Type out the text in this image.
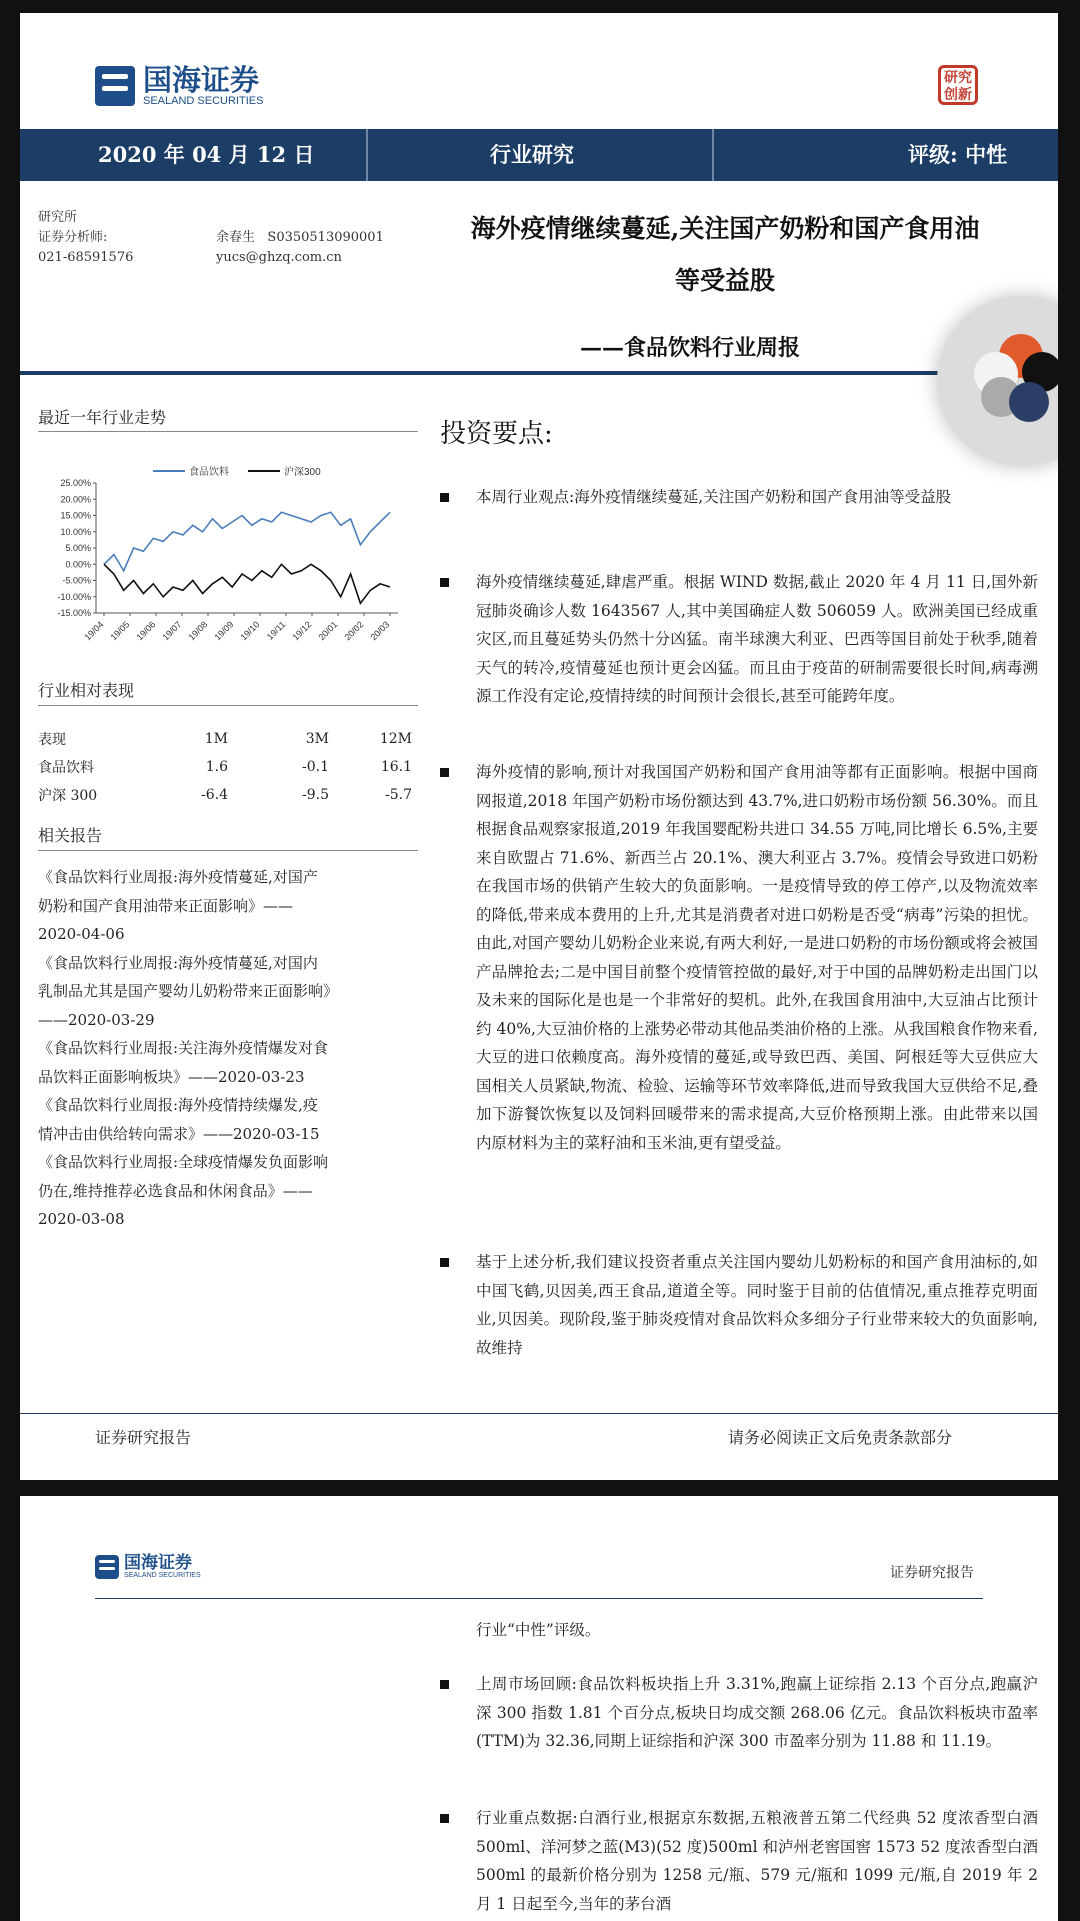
国海证券
SEALAND SECURITIES
研究创新
2020 年 04 月 12 日	行业研究	评级: 中性
研究所
证券分析师:
021-68591576
余春生 S0350513090001
yucs@ghzq.com.cn
海外疫情继续蔓延,关注国产奶粉和国产食用油
等受益股
——食品饮料行业周报
最近一年行业走势
食品饮料	沪深300
25.00%
20.00%
15.00%
10.00%
5.00%
0.00%
-5.00%
-10.00%
-15.00%
19/04 19/05 19/06 19/07 19/08 19/09 19/10 19/11 19/12 20/01 20/02 20/03
行业相对表现
表现	1M	3M	12M
食品饮料	1.6	-0.1	16.1
沪深 300	-6.4	-9.5	-5.7
相关报告
《食品饮料行业周报:海外疫情蔓延,对国产
奶粉和国产食用油带来正面影响》——
2020-04-06
《食品饮料行业周报:海外疫情蔓延,对国内
乳制品尤其是国产婴幼儿奶粉带来正面影响》
——2020-03-29
《食品饮料行业周报:关注海外疫情爆发对食
品饮料正面影响板块》——2020-03-23
《食品饮料行业周报:海外疫情持续爆发,疫
情冲击由供给转向需求》——2020-03-15
《食品饮料行业周报:全球疫情爆发负面影响
仍在,维持推荐必选食品和休闲食品》——
2020-03-08
投资要点:
本周行业观点:海外疫情继续蔓延,关注国产奶粉和国产食用油等受益股
海外疫情继续蔓延,肆虐严重。根据 WIND 数据,截止 2020 年 4 月 11 日,国外新冠肺炎确诊人数 1643567 人,其中美国确症人数 506059 人。欧洲美国已经成重灾区,而且蔓延势头仍然十分凶猛。南半球澳大利亚、巴西等国目前处于秋季,随着天气的转冷,疫情蔓延也预计更会凶猛。而且由于疫苗的研制需要很长时间,病毒溯源工作没有定论,疫情持续的时间预计会很长,甚至可能跨年度。
海外疫情的影响,预计对我国国产奶粉和国产食用油等都有正面影响。根据中国商网报道,2018 年国产奶粉市场份额达到 43.7%,进口奶粉市场份额 56.30%。而且根据食品观察家报道,2019 年我国婴配粉共进口 34.55 万吨,同比增长 6.5%,主要来自欧盟占 71.6%、新西兰占 20.1%、澳大利亚占 3.7%。疫情会导致进口奶粉在我国市场的供销产生较大的负面影响。一是疫情导致的停工停产,以及物流效率的降低,带来成本费用的上升,尤其是消费者对进口奶粉是否受“病毒”污染的担忧。由此,对国产婴幼儿奶粉企业来说,有两大利好,一是进口奶粉的市场份额或将会被国产品牌抢去;二是中国目前整个疫情管控做的最好,对于中国的品牌奶粉走出国门以及未来的国际化是也是一个非常好的契机。此外,在我国食用油中,大豆油占比预计约 40%,大豆油价格的上涨势必带动其他品类油价格的上涨。从我国粮食作物来看,大豆的进口依赖度高。海外疫情的蔓延,或导致巴西、美国、阿根廷等大豆供应大国相关人员紧缺,物流、检验、运输等环节效率降低,进而导致我国大豆供给不足,叠加下游餐饮恢复以及饲料回暖带来的需求提高,大豆价格预期上涨。由此带来以国内原材料为主的菜籽油和玉米油,更有望受益。
基于上述分析,我们建议投资者重点关注国内婴幼儿奶粉标的和国产食用油标的,如中国飞鹤,贝因美,西王食品,道道全等。同时鉴于目前的估值情况,重点推荐克明面业,贝因美。现阶段,鉴于肺炎疫情对食品饮料众多细分子行业带来较大的负面影响,故维持
证券研究报告	请务必阅读正文后免责条款部分
国海证券
SEALAND SECURITIES	证券研究报告
行业“中性”评级。
上周市场回顾:食品饮料板块指上升 3.31%,跑赢上证综指 2.13 个百分点,跑赢沪深 300 指数 1.81 个百分点,板块日均成交额 268.06 亿元。食品饮料板块市盈率(TTM)为 32.36,同期上证综指和沪深 300 市盈率分别为 11.88 和 11.19。
行业重点数据:白酒行业,根据京东数据,五粮液普五第二代经典 52 度浓香型白酒 500ml、洋河梦之蓝(M3)(52 度)500ml 和泸州老窖国窖 1573 52 度浓香型白酒 500ml 的最新价格分别为 1258 元/瓶、579 元/瓶和 1099 元/瓶,自 2019 年 2 月 1 日起至今,当年的茅台酒
